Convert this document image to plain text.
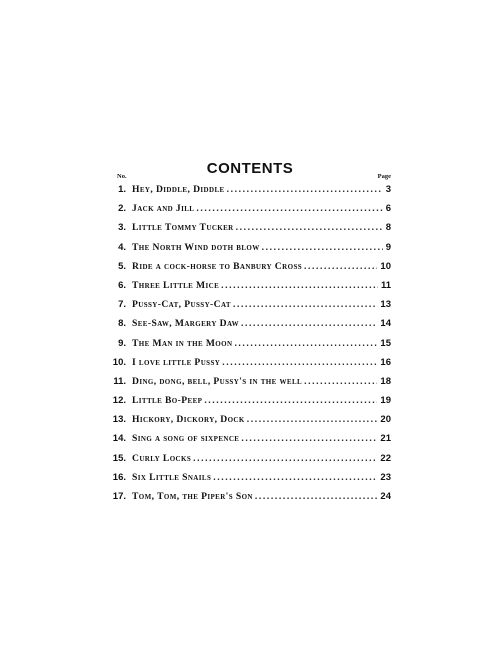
CONTENTS
No.	Page
1. Hey, Diddle, Diddle .....	3
2. Jack and Jill .....	6
3. Little Tommy Tucker .....	8
4. The North Wind doth blow .....	9
5. Ride a cock-horse to Banbury Cross .....	10
6. Three Little Mice .....	11
7. Pussy-Cat, Pussy-Cat .....	13
8. See-Saw, Margery Daw .....	14
9. The Man in the Moon .....	15
10. I love little Pussy .....	16
11. Ding, dong, bell, Pussy's in the well .....	18
12. Little Bo-Peep .....	19
13. Hickory, Dickory, Dock .....	20
14. Sing a song of sixpence .....	21
15. Curly Locks .....	22
16. Six Little Snails .....	23
17. Tom, Tom, the Piper's Son .....	24
